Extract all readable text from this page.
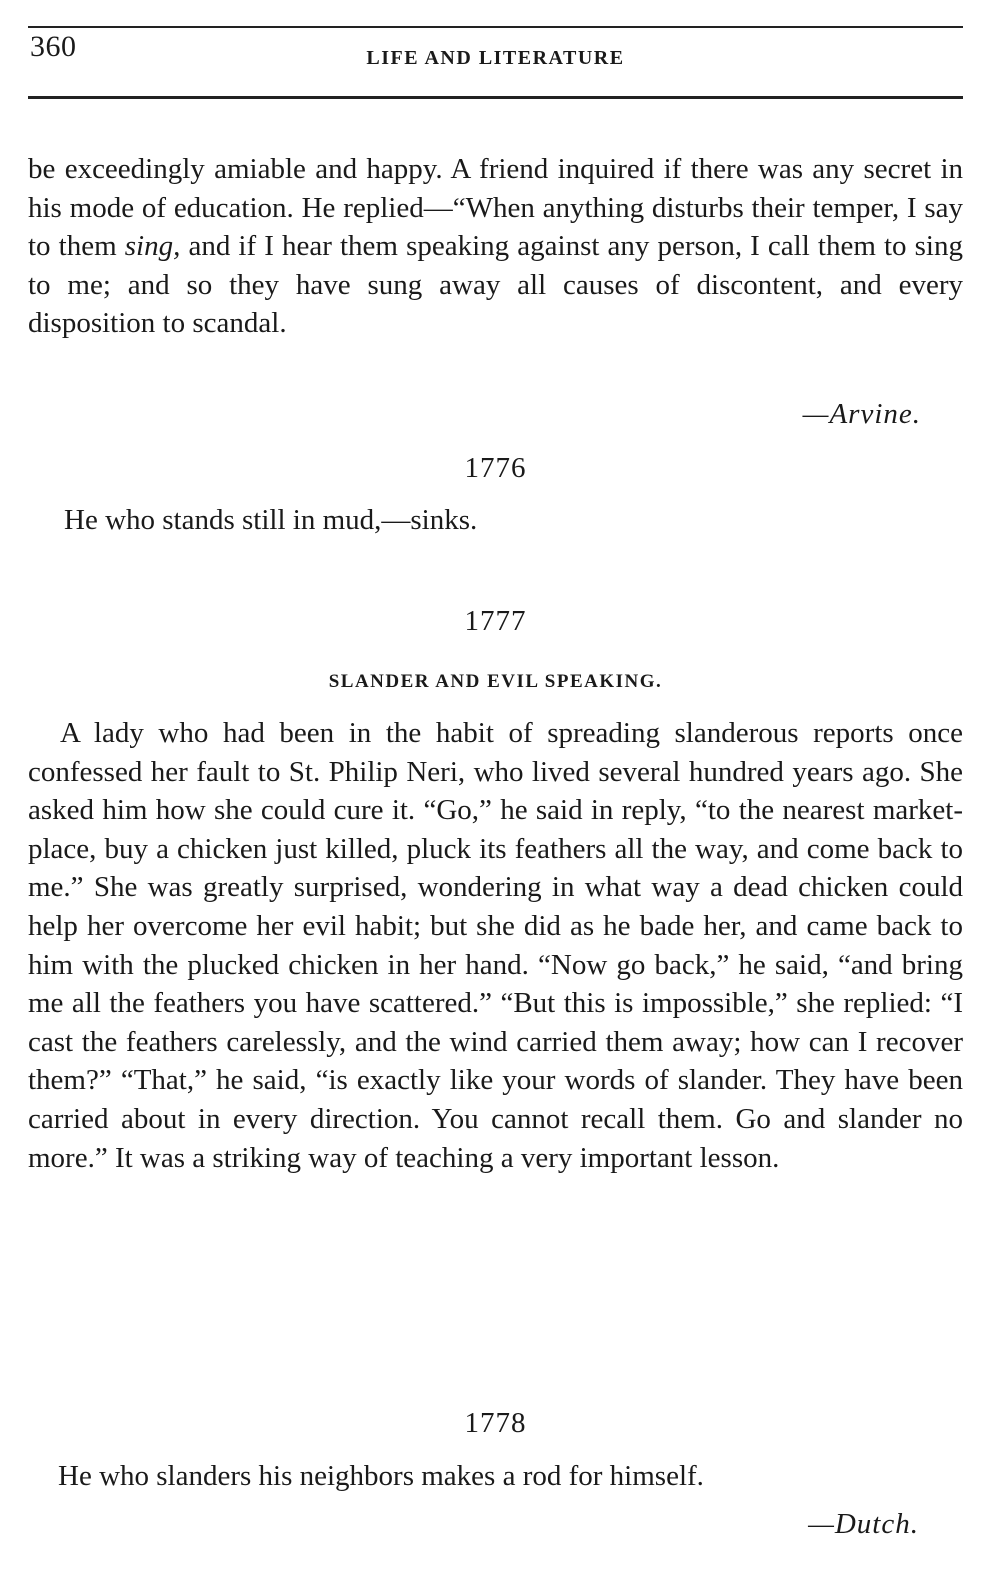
360	LIFE AND LITERATURE

be exceedingly amiable and happy. A friend inquired if there was any secret in his mode of education. He replied—“When anything disturbs their temper, I say to them sing, and if I hear them speaking against any person, I call them to sing to me; and so they have sung away all causes of discontent, and every disposition to scandal.

—Arvine.
1776
He who stands still in mud,—sinks.
1777
SLANDER AND EVIL SPEAKING.

A lady who had been in the habit of spreading slanderous reports once confessed her fault to St. Philip Neri, who lived several hundred years ago. She asked him how she could cure it. “Go,” he said in reply, “to the nearest market-place, buy a chicken just killed, pluck its feathers all the way, and come back to me.” She was greatly surprised, wondering in what way a dead chicken could help her overcome her evil habit; but she did as he bade her, and came back to him with the plucked chicken in her hand. “Now go back,” he said, “and bring me all the feathers you have scattered.” “But this is impossible,” she replied: “I cast the feathers carelessly, and the wind carried them away; how can I recover them?” “That,” he said, “is exactly like your words of slander. They have been carried about in every direction. You cannot recall them. Go and slander no more.” It was a striking way of teaching a very important lesson.

1778
He who slanders his neighbors makes a rod for himself.
—Dutch.
